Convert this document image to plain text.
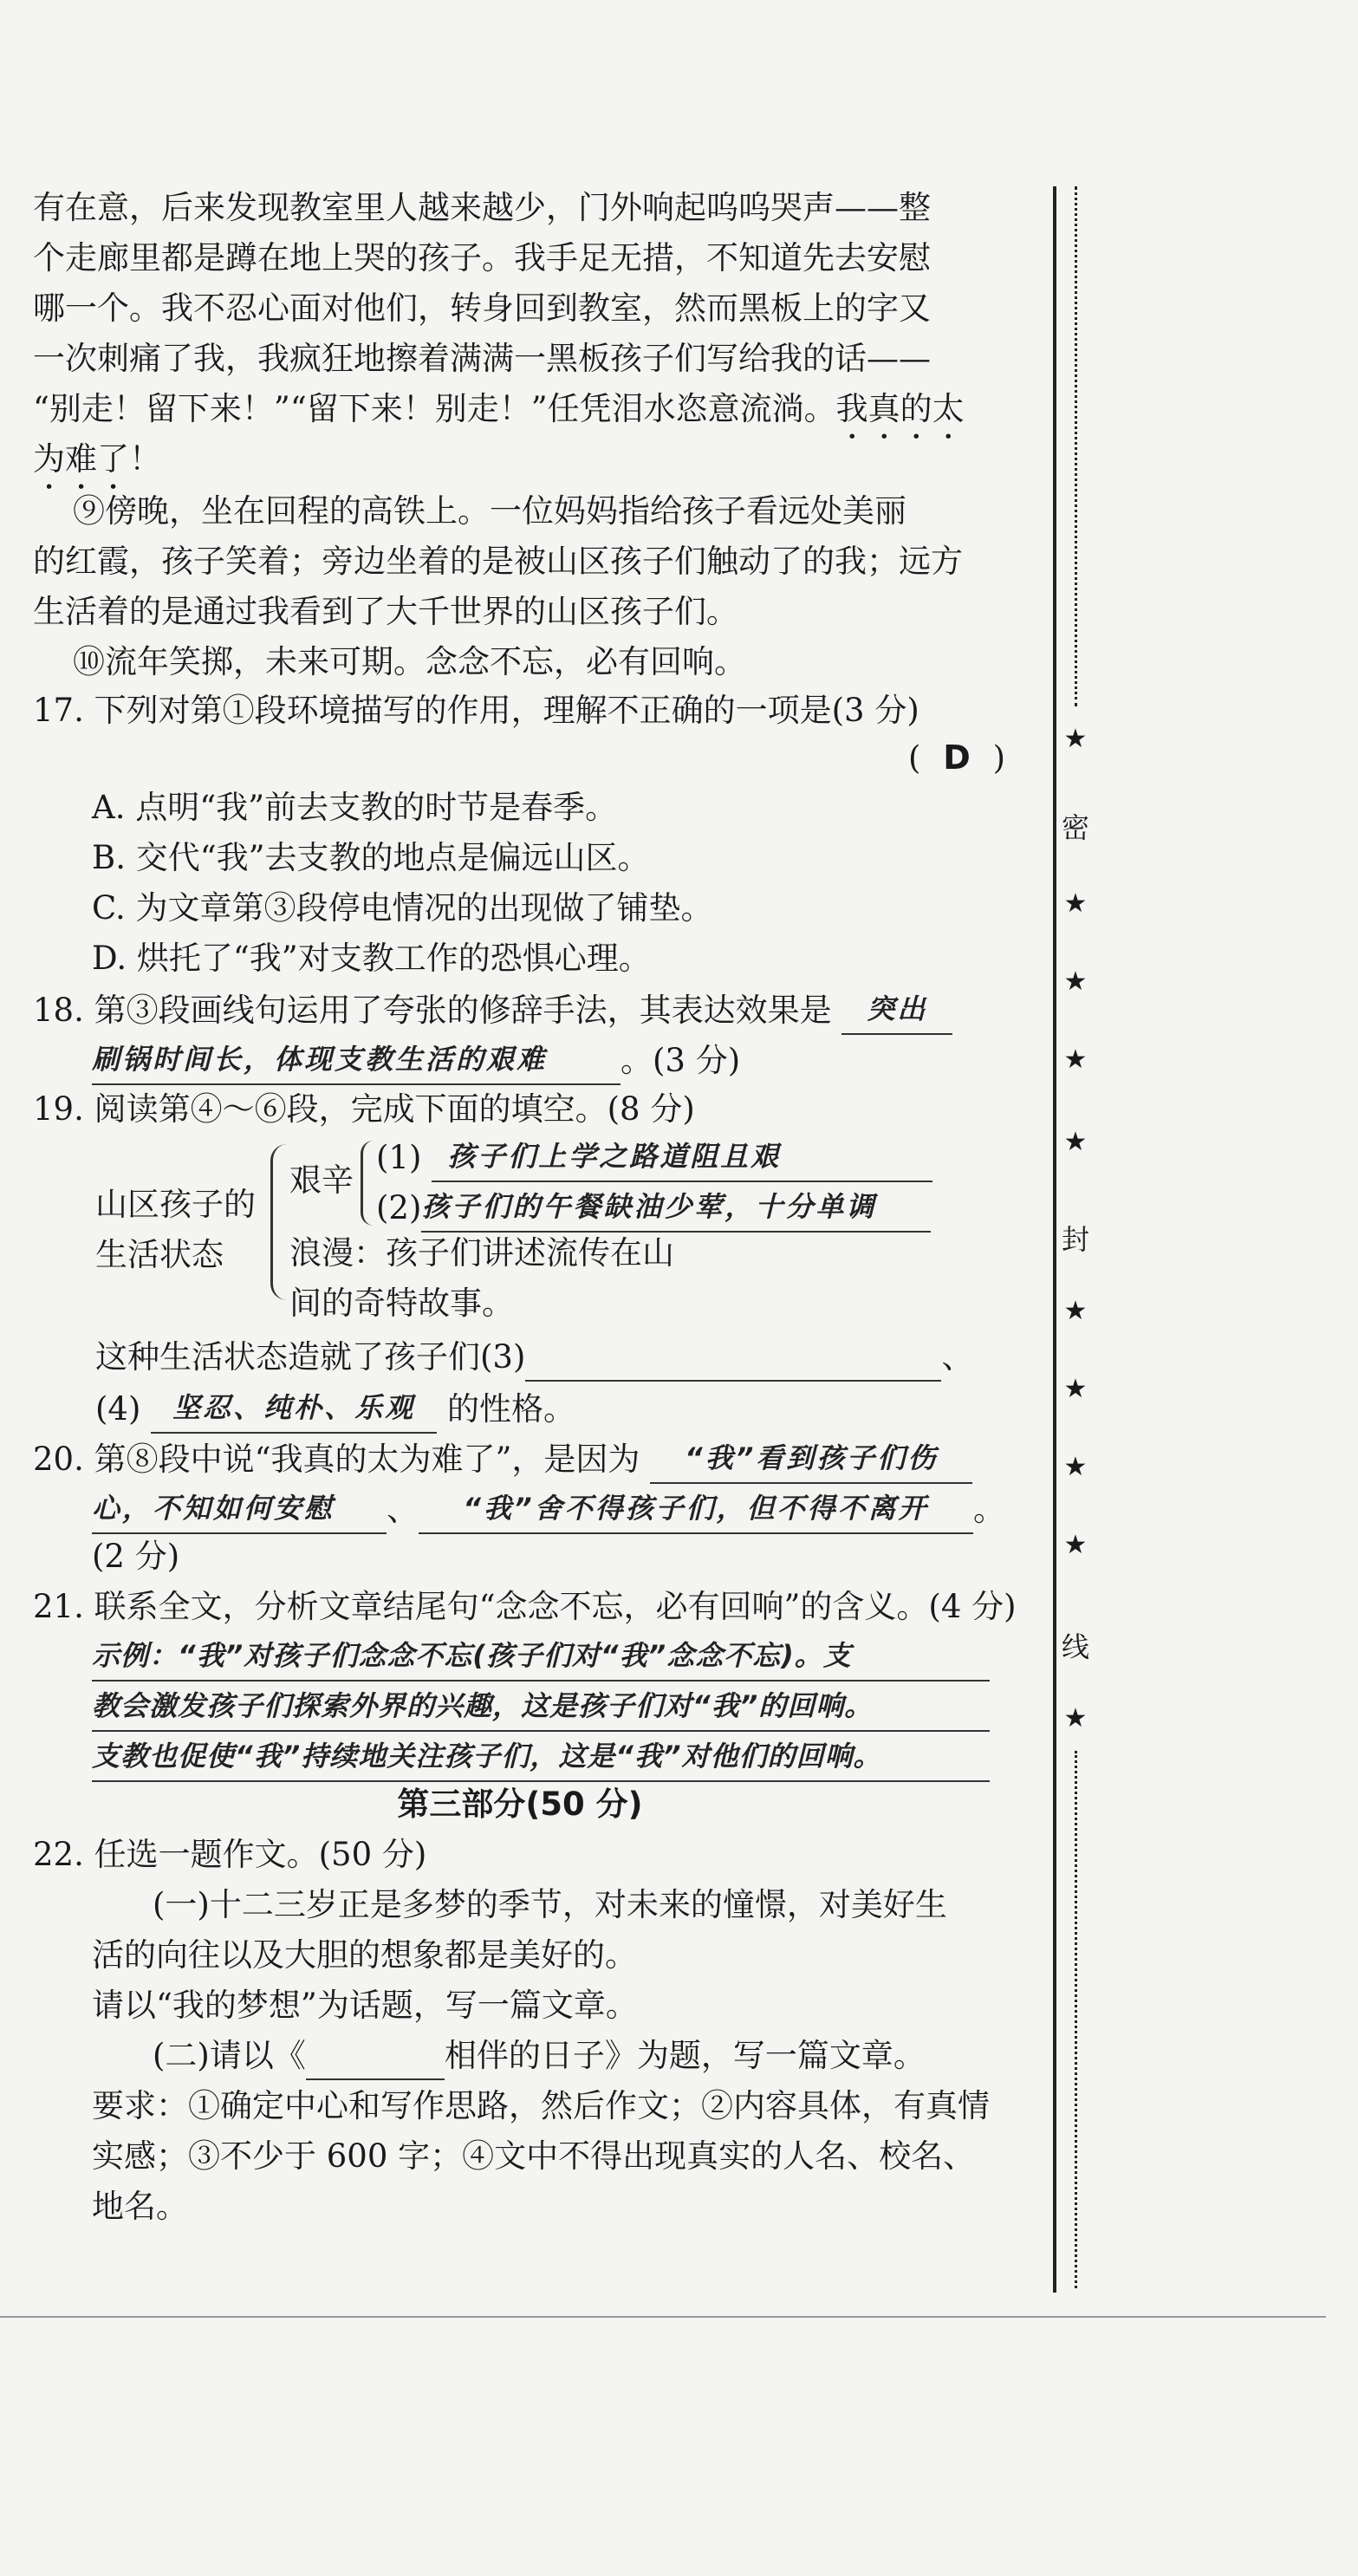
有在意，后来发现教室里人越来越少，门外响起呜呜哭声——整
个走廊里都是蹲在地上哭的孩子。我手足无措，不知道先去安慰
哪一个。我不忍心面对他们，转身回到教室，然而黑板上的字又
一次刺痛了我，我疯狂地擦着满满一黑板孩子们写给我的话——
“别走！留下来！”“留下来！别走！”任凭泪水恣意流淌。我真的太
为难了！
⑨傍晚，坐在回程的高铁上。一位妈妈指给孩子看远处美丽
的红霞，孩子笑着；旁边坐着的是被山区孩子们触动了的我；远方
生活着的是通过我看到了大千世界的山区孩子们。
⑩流年笑掷，未来可期。念念不忘，必有回响。
17. 下列对第①段环境描写的作用，理解不正确的一项是(3 分)
( D )
A. 点明“我”前去支教的时节是春季。
B. 交代“我”去支教的地点是偏远山区。
C. 为文章第③段停电情况的出现做了铺垫。
D. 烘托了“我”对支教工作的恐惧心理。
18. 第③段画线句运用了夸张的修辞手法，其表达效果是 突出
刷锅时间长，体现支教生活的艰难 。(3 分)
19. 阅读第④～⑥段，完成下面的填空。(8 分)
山区孩子的
生活状态
艰辛
(1) 孩子们上学之路道阻且艰
(2)孩子们的午餐缺油少荤，十分单调
浪漫：孩子们讲述流传在山
间的奇特故事。
这种生活状态造就了孩子们(3)	、
(4) 坚忍、纯朴、乐观 的性格。
20. 第⑧段中说“我真的太为难了”，是因为 “我”看到孩子们伤
心，不知如何安慰 、 “我”舍不得孩子们，但不得不离开 。
(2 分)
21. 联系全文，分析文章结尾句“念念不忘，必有回响”的含义。(4 分)
示例：“我”对孩子们念念不忘(孩子们对“我”念念不忘)。支
教会激发孩子们探索外界的兴趣，这是孩子们对“我”的回响。
支教也促使“我”持续地关注孩子们，这是“我”对他们的回响。
第三部分(50 分)
22. 任选一题作文。(50 分)
(一)十二三岁正是多梦的季节，对未来的憧憬，对美好生
活的向往以及大胆的想象都是美好的。
请以“我的梦想”为话题，写一篇文章。
(二)请以《	相伴的日子》为题，写一篇文章。
要求：①确定中心和写作思路，然后作文；②内容具体，有真情
实感；③不少于 600 字；④文中不得出现真实的人名、校名、
地名。
★
密
★
★
★
★
封
★
★
★
★
线
★
